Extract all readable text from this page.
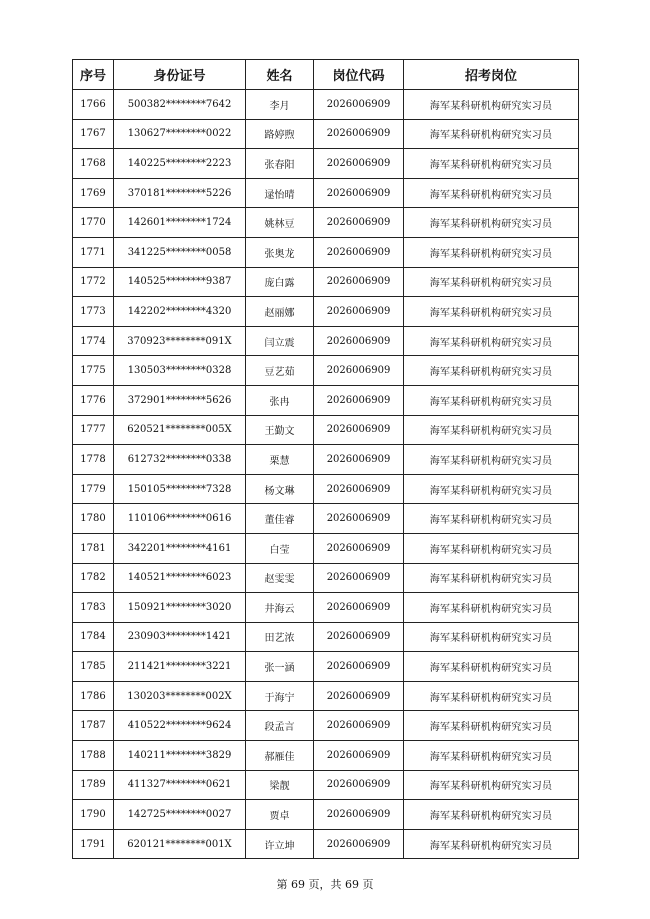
序号	身份证号	姓名	岗位代码	招考岗位
1766	500382********7642	李月	2026006909	海军某科研机构研究实习员
1767	130627********0022	路婷煦	2026006909	海军某科研机构研究实习员
1768	140225********2223	张春阳	2026006909	海军某科研机构研究实习员
1769	370181********5226	逯怡晴	2026006909	海军某科研机构研究实习员
1770	142601********1724	姚林豆	2026006909	海军某科研机构研究实习员
1771	341225********0058	张奥龙	2026006909	海军某科研机构研究实习员
1772	140525********9387	庞白露	2026006909	海军某科研机构研究实习员
1773	142202********4320	赵丽娜	2026006909	海军某科研机构研究实习员
1774	370923********091X	闫立震	2026006909	海军某科研机构研究实习员
1775	130503********0328	豆艺茹	2026006909	海军某科研机构研究实习员
1776	372901********5626	张冉	2026006909	海军某科研机构研究实习员
1777	620521********005X	王勤文	2026006909	海军某科研机构研究实习员
1778	612732********0338	栗慧	2026006909	海军某科研机构研究实习员
1779	150105********7328	杨文琳	2026006909	海军某科研机构研究实习员
1780	110106********0616	董佳睿	2026006909	海军某科研机构研究实习员
1781	342201********4161	白莹	2026006909	海军某科研机构研究实习员
1782	140521********6023	赵雯雯	2026006909	海军某科研机构研究实习员
1783	150921********3020	井海云	2026006909	海军某科研机构研究实习员
1784	230903********1421	田艺浓	2026006909	海军某科研机构研究实习员
1785	211421********3221	张一涵	2026006909	海军某科研机构研究实习员
1786	130203********002X	于海宁	2026006909	海军某科研机构研究实习员
1787	410522********9624	段孟言	2026006909	海军某科研机构研究实习员
1788	140211********3829	郝雁佳	2026006909	海军某科研机构研究实习员
1789	411327********0621	梁靓	2026006909	海军某科研机构研究实习员
1790	142725********0027	贾卓	2026006909	海军某科研机构研究实习员
1791	620121********001X	许立坤	2026006909	海军某科研机构研究实习员
第 69 页，共 69 页
